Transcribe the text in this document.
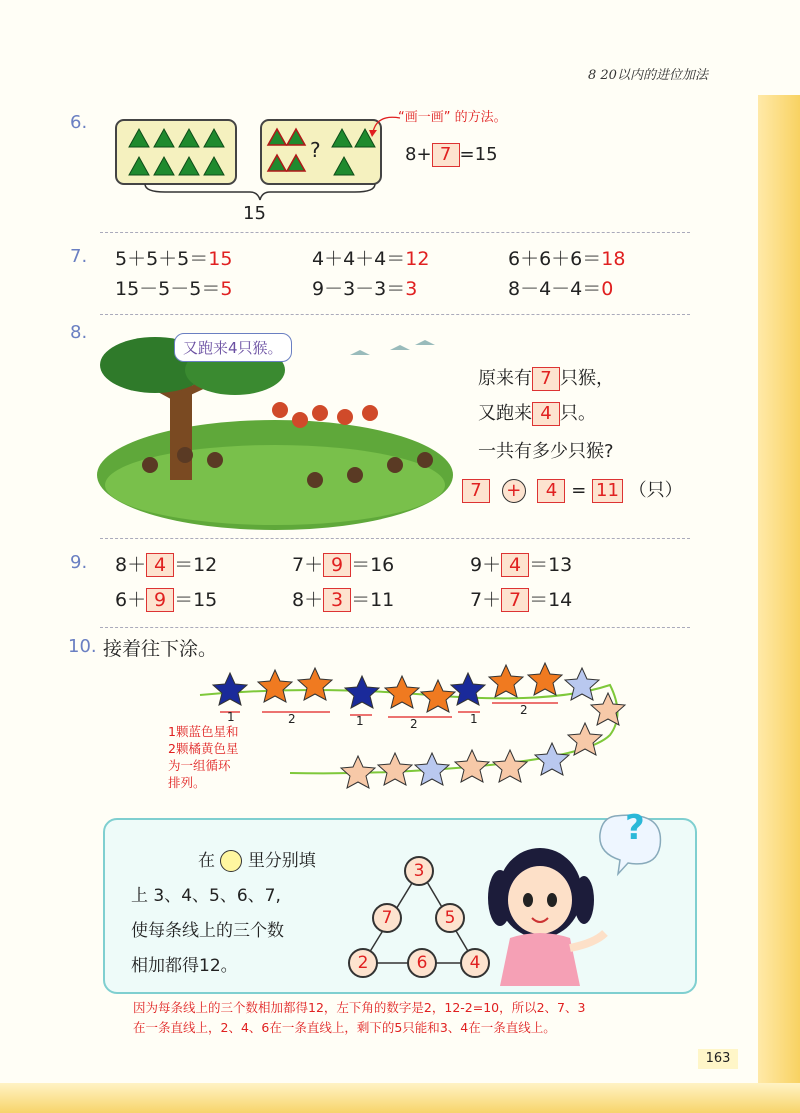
8 20以内的进位加法
6.
?
15
“画一画” 的方法。
8+ 7 =15
7. 5＋5＋5＝15	4＋4＋4＝12	6＋6＋6＝18
15－5－5＝5	9－3－3＝3	8－4－4＝0
8.
又跑来4只猴。
原来有 7 只猴，
又跑来 4 只。
一共有多少只猴?
7 + 4 = 11 （只）
9. 8＋ 4 ＝12	7＋ 9 ＝16	9＋ 4 ＝13
6＋ 9 ＝15	8＋ 3 ＝11	7＋ 7 ＝14
10. 接着往下涂。
1	2	1	2	1
2
1颗蓝色星和
2颗橘黄色星
为一组循环
排列。
在 里分别填
上 3、4、5、6、7,
使每条线上的三个数
相加都得12。
3
7	5
2	6	4
?
因为每条线上的三个数相加都得12，左下角的数字是2，12-2=10，所以2、7、3
在一条直线上，2、4、6在一条直线上，剩下的5只能和3、4在一条直线上。
163
